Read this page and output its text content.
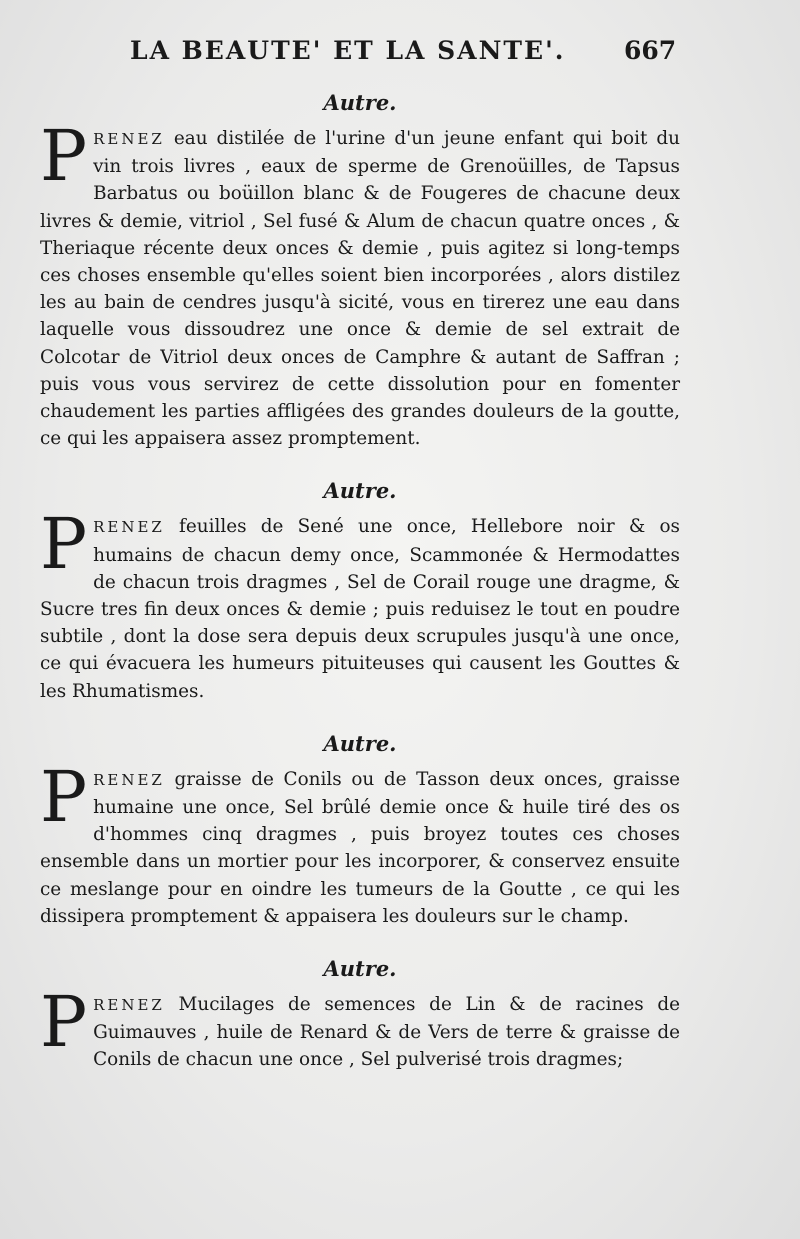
LA BEAUTE' ET LA SANTE'. 667
Autre.

PRENEZ eau distilée de l'urine d'un jeune enfant qui boit du vin trois livres , eaux de sperme de Grenoüilles, de Tapsus Barbatus ou boüillon blanc & de Fougeres de chacune deux livres & demie, vitriol , Sel fusé & Alum de chacun quatre onces , & Theriaque récente deux onces & demie , puis agitez si long-temps ces choses ensemble qu'elles soient bien incorporées , alors distilez les au bain de cendres jusqu'à sicité, vous en tirerez une eau dans laquelle vous dissoudrez une once & demie de sel extrait de Colcotar de Vitriol deux onces de Camphre & autant de Saffran ; puis vous vous servirez de cette dissolution pour en fomenter chaudement les parties affligées des grandes douleurs de la goutte, ce qui les appaisera assez promptement.

Autre.

PRENEZ feuilles de Sené une once, Hellebore noir & os humains de chacun demy once, Scammonée & Hermodattes de chacun trois dragmes , Sel de Corail rouge une dragme, & Sucre tres fin deux onces & demie ; puis reduisez le tout en poudre subtile , dont la dose sera depuis deux scrupules jusqu'à une once, ce qui évacuera les humeurs pituiteuses qui causent les Gouttes & les Rhumatismes.

Autre.

PRENEZ graisse de Conils ou de Tasson deux onces, graisse humaine une once, Sel brûlé demie once & huile tiré des os d'hommes cinq dragmes , puis broyez toutes ces choses ensemble dans un mortier pour les incorporer, & conservez ensuite ce meslange pour en oindre les tumeurs de la Goutte , ce qui les dissipera promptement & appaisera les douleurs sur le champ.

Autre.

PRENEZ Mucilages de semences de Lin & de racines de Guimauves , huile de Renard & de Vers de terre & graisse de Conils de chacun une once , Sel pulverisé trois dragmes;
